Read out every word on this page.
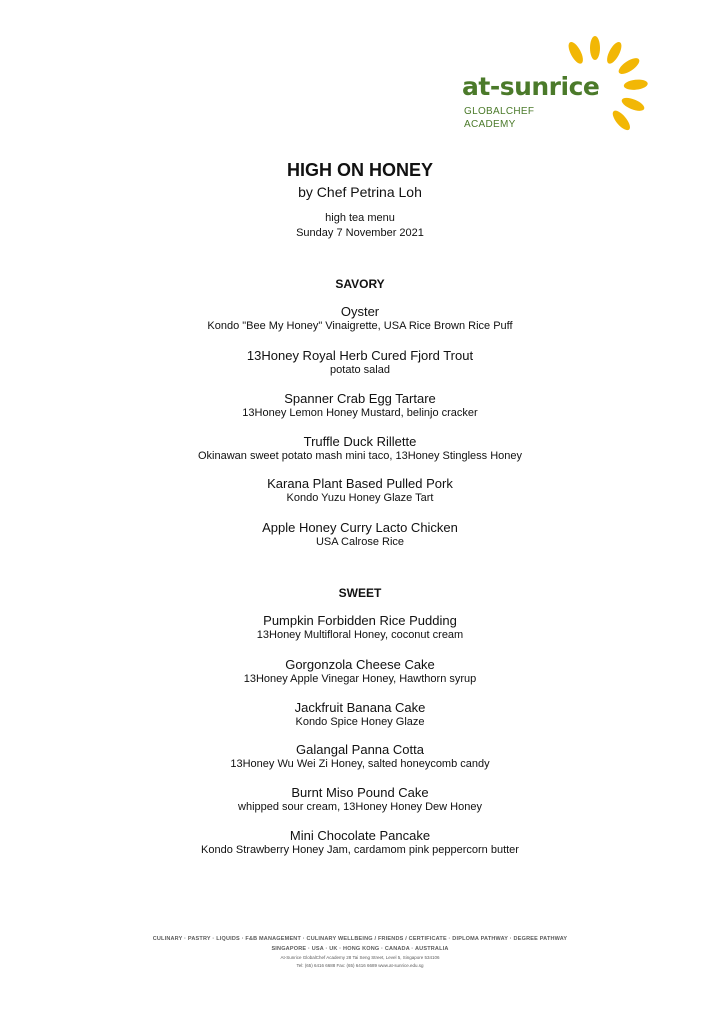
at-sunrice
GLOBALCHEF
ACADEMY
HIGH ON HONEY
by Chef Petrina Loh
high tea menu
Sunday 7 November 2021
SAVORY
Oyster
Kondo "Bee My Honey" Vinaigrette, USA Rice Brown Rice Puff
13Honey Royal Herb Cured Fjord Trout
potato salad
Spanner Crab Egg Tartare
13Honey Lemon Honey Mustard, belinjo cracker
Truffle Duck Rillette
Okinawan sweet potato mash mini taco, 13Honey Stingless Honey
Karana Plant Based Pulled Pork
Kondo Yuzu Honey Glaze Tart
Apple Honey Curry Lacto Chicken
USA Calrose Rice
SWEET
Pumpkin Forbidden Rice Pudding
13Honey Multifloral Honey, coconut cream
Gorgonzola Cheese Cake
13Honey Apple Vinegar Honey, Hawthorn syrup
Jackfruit Banana Cake
Kondo Spice Honey Glaze
Galangal Panna Cotta
13Honey Wu Wei Zi Honey, salted honeycomb candy
Burnt Miso Pound Cake
whipped sour cream, 13Honey Honey Dew Honey
Mini Chocolate Pancake
Kondo Strawberry Honey Jam, cardamom pink peppercorn butter
CULINARY · PASTRY · LIQUIDS · F&B MANAGEMENT · CULINARY WELLBEING / FRIENDS / CERTIFICATE · DIPLOMA PATHWAY · DEGREE PATHWAY
SINGAPORE · USA · UK · HONG KONG · CANADA · AUSTRALIA
At-Sunrice GlobalChef Academy 28 Tai Seng Street, Level 5, Singapore 534106
Tel: (65) 6416 6688 Fax: (65) 6416 6689 www.at-sunrice.edu.sg
